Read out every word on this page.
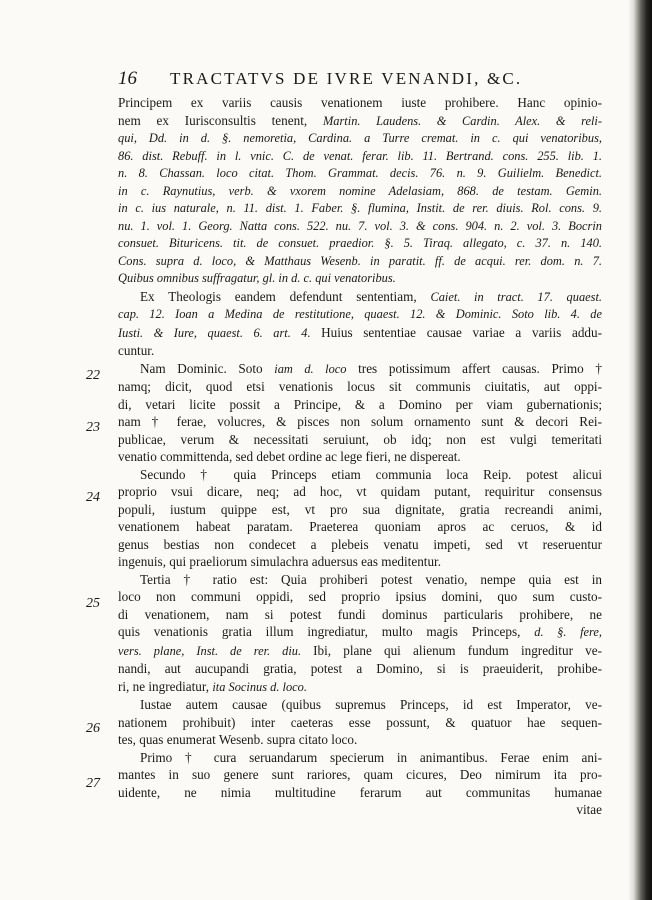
16 TRACTATVS DE IVRE VENANDI, &C.
22
23
24
25
26
27
Principem ex variis causis venationem iuste prohibere. Hanc opinio-
nem ex Iurisconsultis tenent, Martin. Laudens. & Cardin. Alex. & reli-
qui, Dd. in d. §. nemoretia, Cardina. a Turre cremat. in c. qui venatoribus,
86. dist. Rebuff. in l. vnic. C. de venat. ferar. lib. 11. Bertrand. cons. 255. lib. 1.
n. 8. Chassan. loco citat. Thom. Grammat. decis. 76. n. 9. Guilielm. Benedict.
in c. Raynutius, verb. & vxorem nomine Adelasiam, 868. de testam. Gemin.
in c. ius naturale, n. 11. dist. 1. Faber. §. flumina, Instit. de rer. diuis. Rol. cons. 9.
nu. 1. vol. 1. Georg. Natta cons. 522. nu. 7. vol. 3. & cons. 904. n. 2. vol. 3. Bocrin
consuet. Bituricens. tit. de consuet. praedior. §. 5. Tiraq. allegato, c. 37. n. 140.
Cons. supra d. loco, & Matthaus Wesenb. in paratit. ff. de acqui. rer. dom. n. 7.
Quibus omnibus suffragatur, gl. in d. c. qui venatoribus.
Ex Theologis eandem defendunt sententiam, Caiet. in tract. 17. quaest.
cap. 12. Ioan a Medina de restitutione, quaest. 12. & Dominic. Soto lib. 4. de
Iusti. & Iure, quaest. 6. art. 4. Huius sententiae causae variae a variis addu-
cuntur.
Nam Dominic. Soto iam d. loco tres potissimum affert causas. Primo †
namq; dicit, quod etsi venationis locus sit communis ciuitatis, aut oppi-
di, vetari licite possit a Principe, & a Domino per viam gubernationis;
nam † ferae, volucres, & pisces non solum ornamento sunt & decori Rei-
publicae, verum & necessitati seruiunt, ob idq; non est vulgi temeritati
venatio committenda, sed debet ordine ac lege fieri, ne dispereat.
Secundo † quia Princeps etiam communia loca Reip. potest alicui
proprio vsui dicare, neq; ad hoc, vt quidam putant, requiritur consensus
populi, iustum quippe est, vt pro sua dignitate, gratia recreandi animi,
venationem habeat paratam. Praeterea quoniam apros ac ceruos, & id
genus bestias non condecet a plebeis venatu impeti, sed vt reseruentur
ingenuis, qui praeliorum simulachra aduersus eas meditentur.
Tertia † ratio est: Quia prohiberi potest venatio, nempe quia est in
loco non communi oppidi, sed proprio ipsius domini, quo sum custo-
di venationem, nam si potest fundi dominus particularis prohibere, ne
quis venationis gratia illum ingrediatur, multo magis Princeps, d. §. fere,
vers. plane, Inst. de rer. diu. Ibi, plane qui alienum fundum ingreditur ve-
nandi, aut aucupandi gratia, potest a Domino, si is praeuiderit, prohibe-
ri, ne ingrediatur, ita Socinus d. loco.
Iustae autem causae (quibus supremus Princeps, id est Imperator, ve-
nationem prohibuit) inter caeteras esse possunt, & quatuor hae sequen-
tes, quas enumerat Wesenb. supra citato loco.
Primo † cura seruandarum specierum in animantibus. Ferae enim ani-
mantes in suo genere sunt rariores, quam cicures, Deo nimirum ita pro-
uidente, ne nimia multitudine ferarum aut communitas humanae
vitae
